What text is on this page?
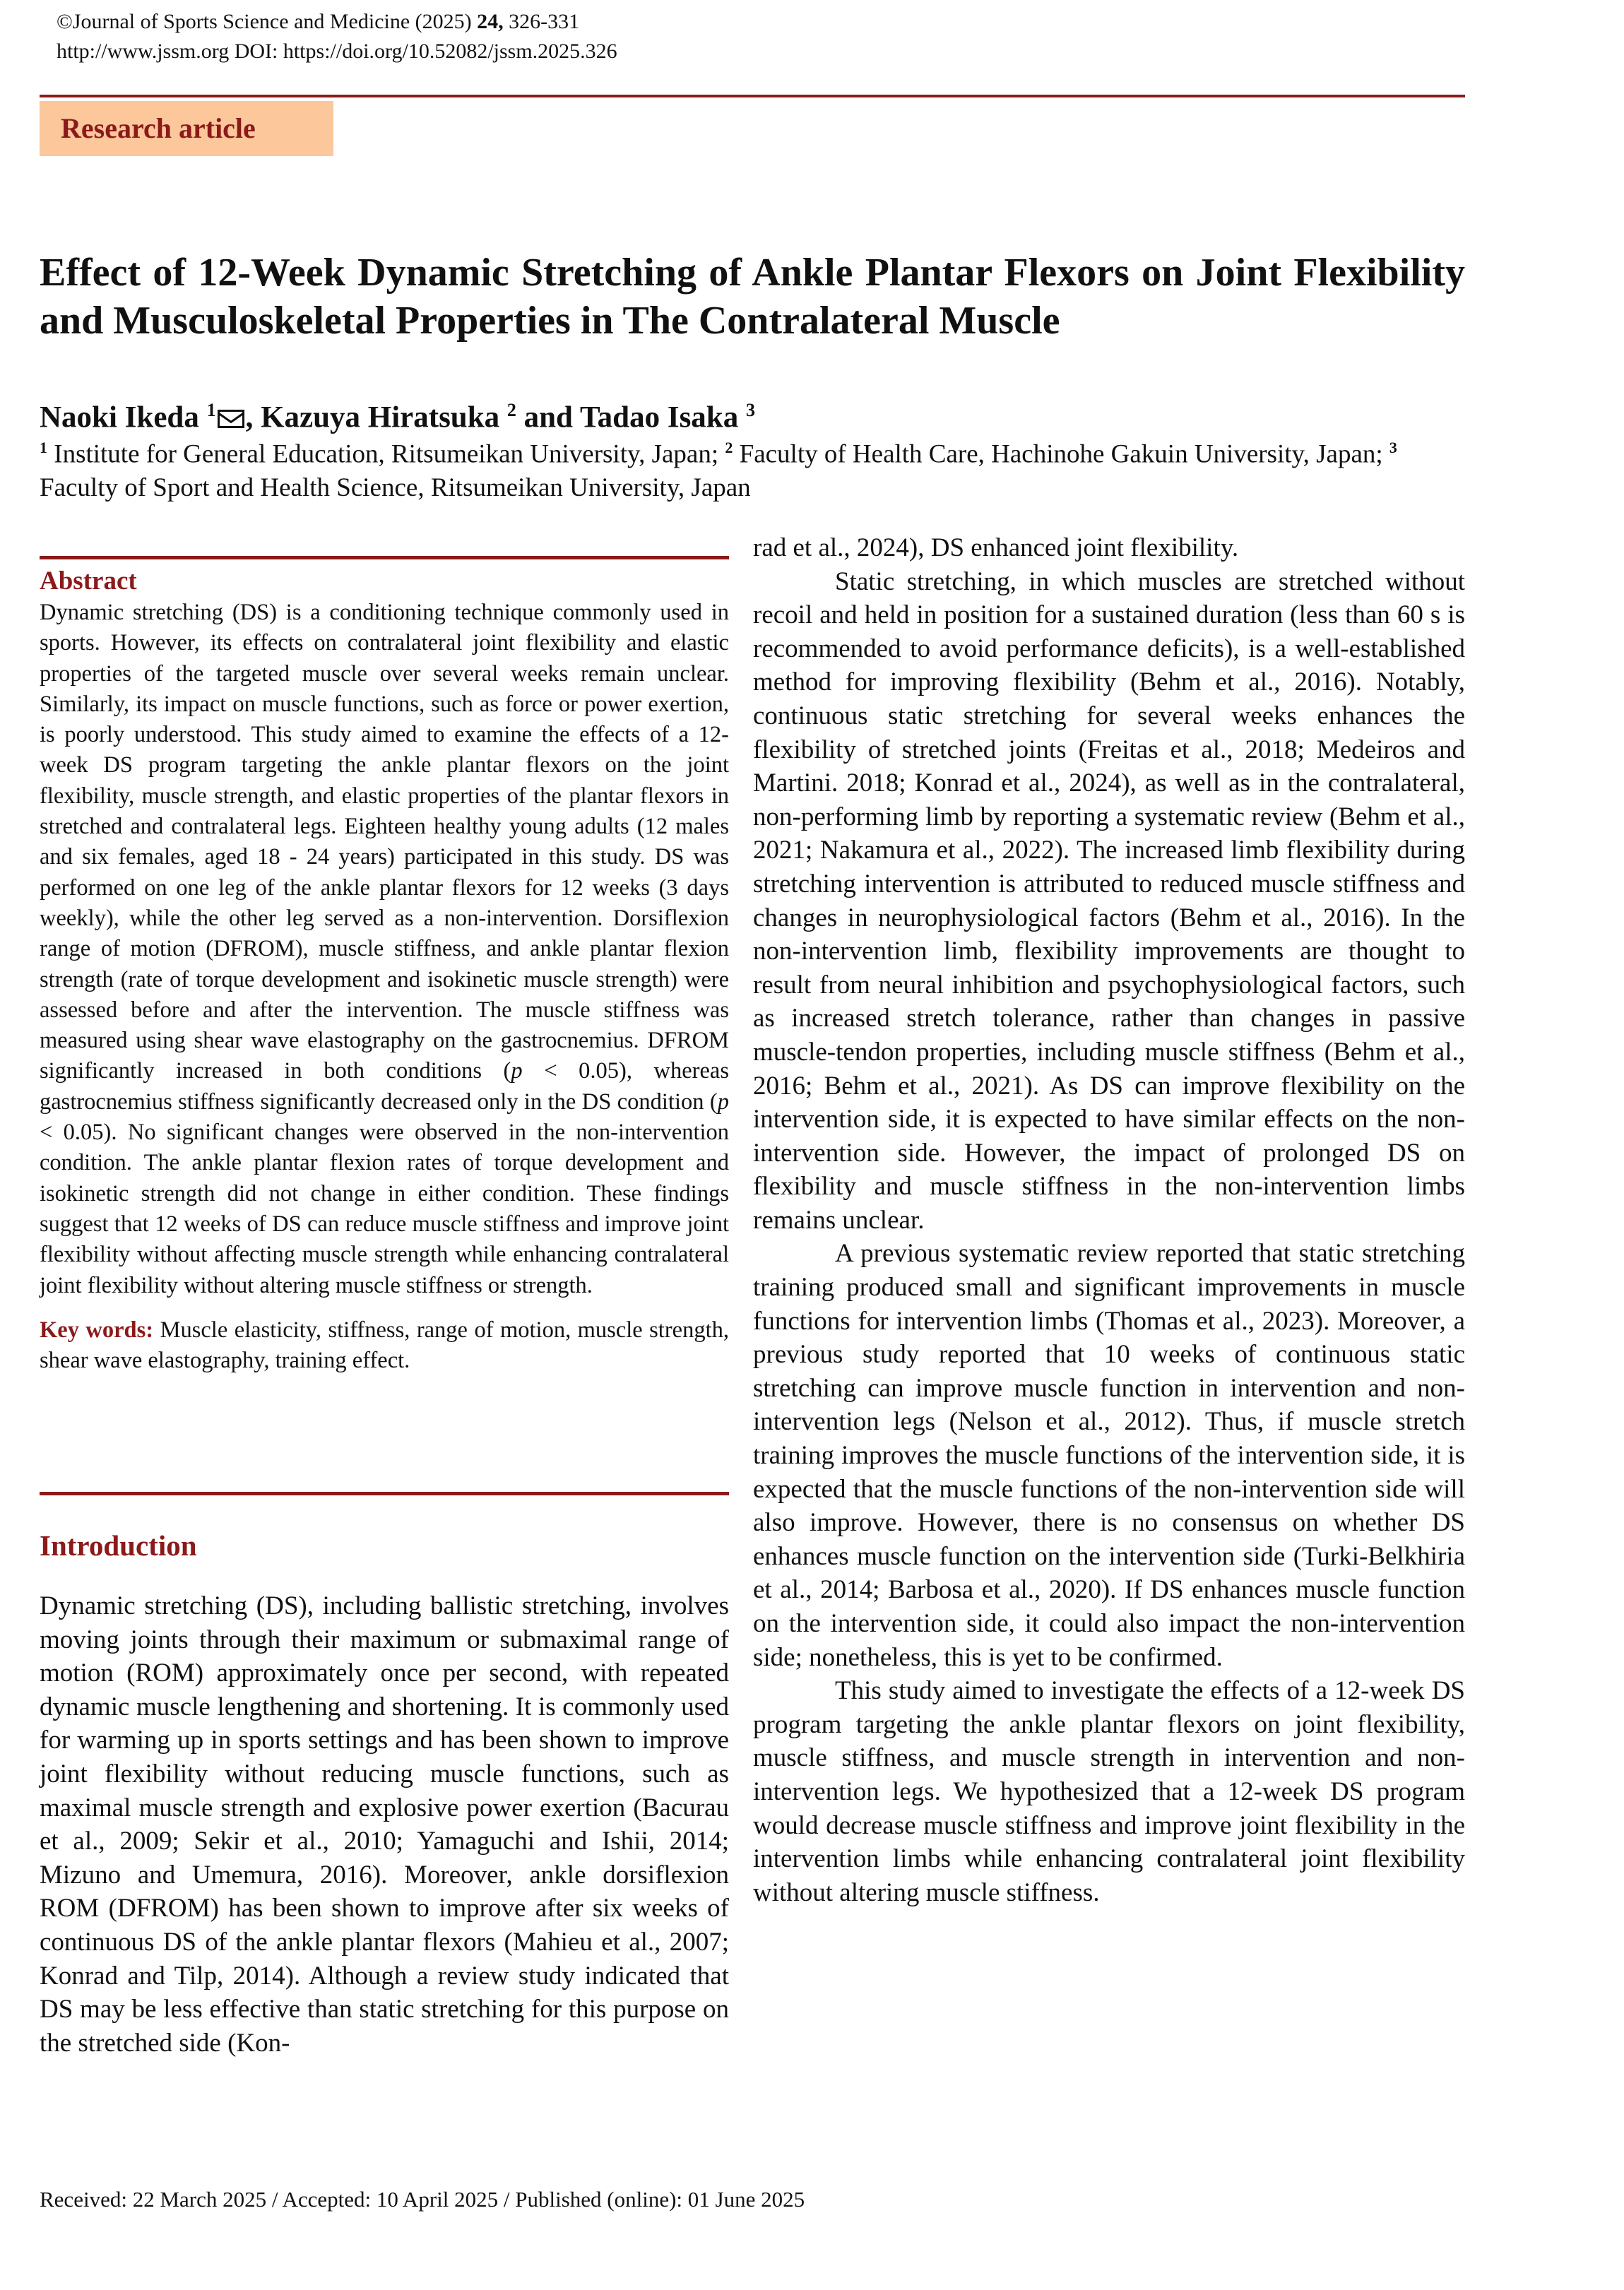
©Journal of Sports Science and Medicine (2025) 24, 326-331
http://www.jssm.org DOI: https://doi.org/10.52082/jssm.2025.326
Research article
Effect of 12-Week Dynamic Stretching of Ankle Plantar Flexors on Joint Flexibility and Musculoskeletal Properties in The Contralateral Muscle
Naoki Ikeda $^1$ , Kazuya Hiratsuka $^2$ and Tadao Isaka $^3$
$^1$ Institute for General Education, Ritsumeikan University, Japan; $^2$ Faculty of Health Care, Hachinohe Gakuin University, Japan; $^3$ Faculty of Sport and Health Science, Ritsumeikan University, Japan
Abstract

Dynamic stretching (DS) is a conditioning technique commonly used in sports. However, its effects on contralateral joint flexibility and elastic properties of the targeted muscle over several weeks remain unclear. Similarly, its impact on muscle functions, such as force or power exertion, is poorly understood. This study aimed to examine the effects of a 12-week DS program targeting the ankle plantar flexors on the joint flexibility, muscle strength, and elastic properties of the plantar flexors in stretched and contralateral legs. Eighteen healthy young adults (12 males and six females, aged 18 - 24 years) participated in this study. DS was performed on one leg of the ankle plantar flexors for 12 weeks (3 days weekly), while the other leg served as a non-intervention. Dorsiflexion range of motion (DFROM), muscle stiffness, and ankle plantar flexion strength (rate of torque development and isokinetic muscle strength) were assessed before and after the intervention. The muscle stiffness was measured using shear wave elastography on the gastrocnemius. DFROM significantly increased in both conditions (p < 0.05), whereas gastrocnemius stiffness significantly decreased only in the DS condition (p < 0.05). No significant changes were observed in the non-intervention condition. The ankle plantar flexion rates of torque development and isokinetic strength did not change in either condition. These findings suggest that 12 weeks of DS can reduce muscle stiffness and improve joint flexibility without affecting muscle strength while enhancing contralateral joint flexibility without altering muscle stiffness or strength.

Key words: Muscle elasticity, stiffness, range of motion, muscle strength, shear wave elastography, training effect.

Introduction

Dynamic stretching (DS), including ballistic stretching, involves moving joints through their maximum or submaximal range of motion (ROM) approximately once per second, with repeated dynamic muscle lengthening and shortening. It is commonly used for warming up in sports settings and has been shown to improve joint flexibility without reducing muscle functions, such as maximal muscle strength and explosive power exertion (Bacurau et al., 2009; Sekir et al., 2010; Yamaguchi and Ishii, 2014; Mizuno and Umemura, 2016). Moreover, ankle dorsiflexion ROM (DFROM) has been shown to improve after six weeks of continuous DS of the ankle plantar flexors (Mahieu et al., 2007; Konrad and Tilp, 2014). Although a review study indicated that DS may be less effective than static stretching for this purpose on the stretched side (Kon-

rad et al., 2024), DS enhanced joint flexibility.

Static stretching, in which muscles are stretched without recoil and held in position for a sustained duration (less than 60 s is recommended to avoid performance deficits), is a well-established method for improving flexibility (Behm et al., 2016). Notably, continuous static stretching for several weeks enhances the flexibility of stretched joints (Freitas et al., 2018; Medeiros and Martini. 2018; Konrad et al., 2024), as well as in the contralateral, non-performing limb by reporting a systematic review (Behm et al., 2021; Nakamura et al., 2022). The increased limb flexibility during stretching intervention is attributed to reduced muscle stiffness and changes in neurophysiological factors (Behm et al., 2016). In the non-intervention limb, flexibility improvements are thought to result from neural inhibition and psychophysiological factors, such as increased stretch tolerance, rather than changes in passive muscle-tendon properties, including muscle stiffness (Behm et al., 2016; Behm et al., 2021). As DS can improve flexibility on the intervention side, it is expected to have similar effects on the non-intervention side. However, the impact of prolonged DS on flexibility and muscle stiffness in the non-intervention limbs remains unclear.

A previous systematic review reported that static stretching training produced small and significant improvements in muscle functions for intervention limbs (Thomas et al., 2023). Moreover, a previous study reported that 10 weeks of continuous static stretching can improve muscle function in intervention and non-intervention legs (Nelson et al., 2012). Thus, if muscle stretch training improves the muscle functions of the intervention side, it is expected that the muscle functions of the non-intervention side will also improve. However, there is no consensus on whether DS enhances muscle function on the intervention side (Turki-Belkhiria et al., 2014; Barbosa et al., 2020). If DS enhances muscle function on the intervention side, it could also impact the non-intervention side; nonetheless, this is yet to be confirmed.

This study aimed to investigate the effects of a 12-week DS program targeting the ankle plantar flexors on joint flexibility, muscle stiffness, and muscle strength in intervention and non-intervention legs. We hypothesized that a 12-week DS program would decrease muscle stiffness and improve joint flexibility in the intervention limbs while enhancing contralateral joint flexibility without altering muscle stiffness.

Received: 22 March 2025 / Accepted: 10 April 2025 / Published (online): 01 June 2025
